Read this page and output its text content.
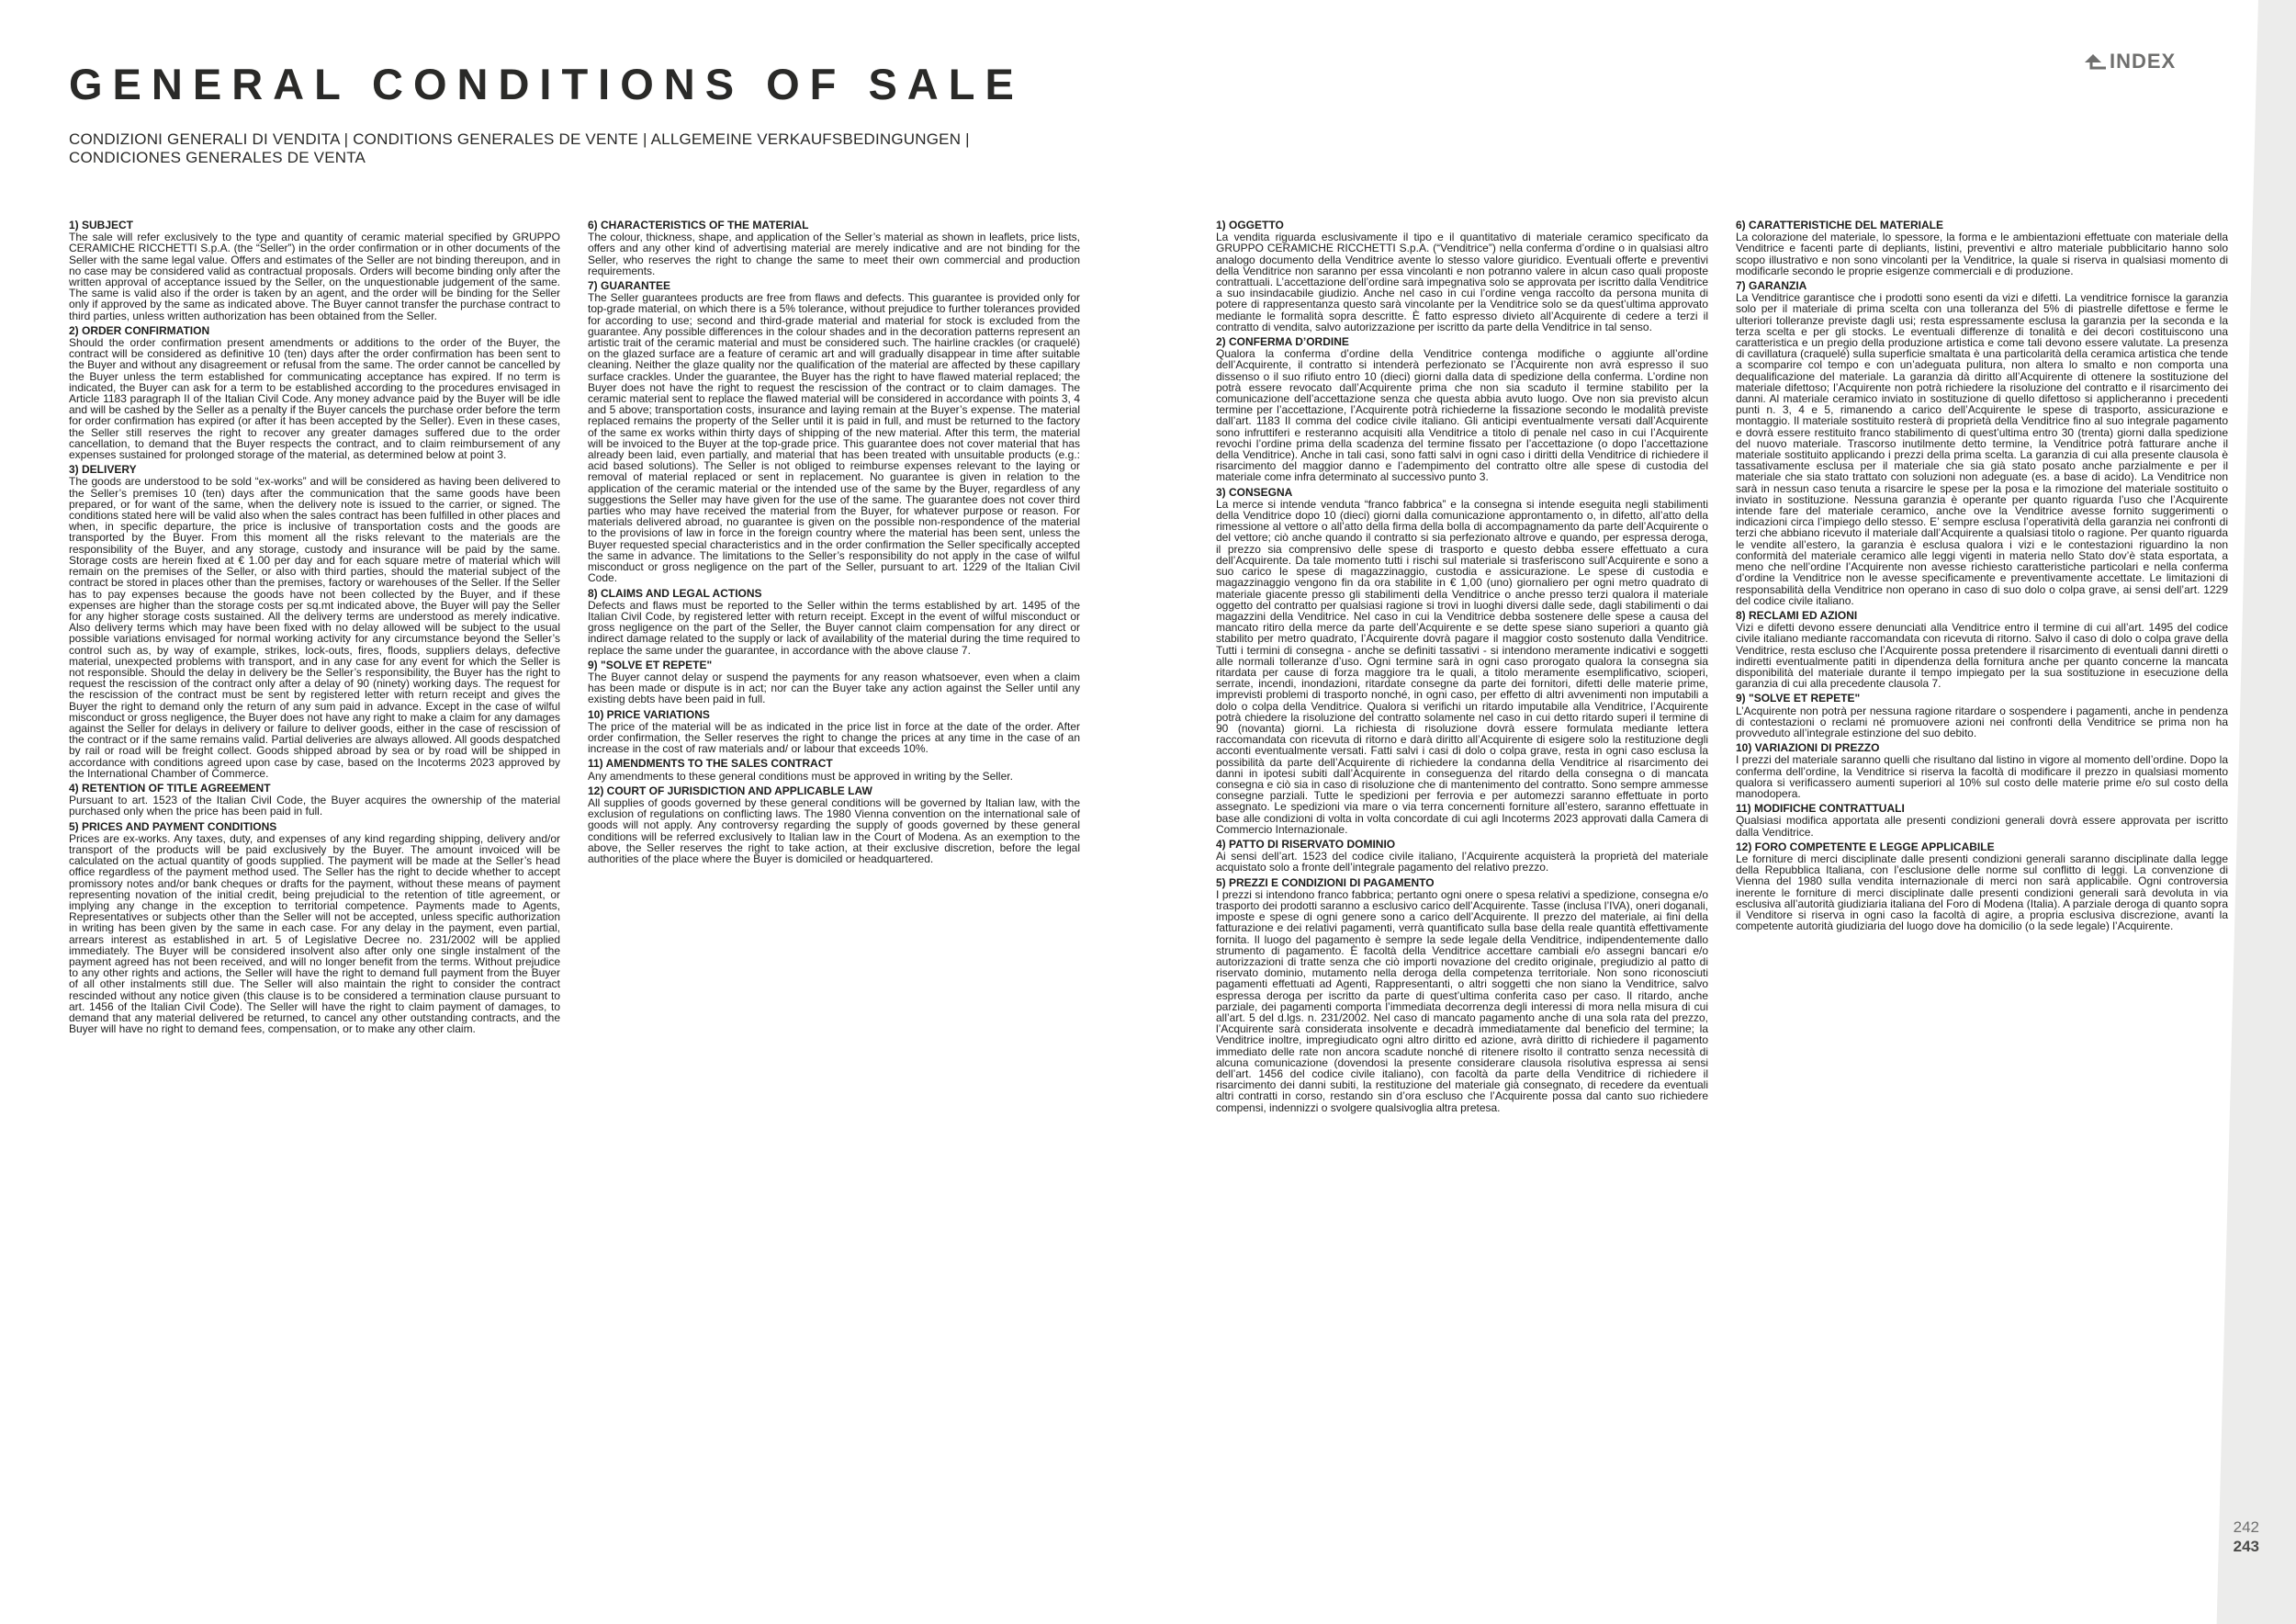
GENERAL CONDITIONS OF SALE
CONDIZIONI GENERALI DI VENDITA | CONDITIONS GENERALES DE VENTE | ALLGEMEINE VERKAUFSBEDINGUNGEN |
CONDICIONES GENERALES DE VENTA
INDEX
1) SUBJECT

The sale will refer exclusively to the type and quantity of ceramic material specified by GRUPPO CERAMICHE RICCHETTI S.p.A. (the “Seller”) in the order confirmation or in other documents of the Seller with the same legal value. Offers and estimates of the Seller are not binding thereupon, and in no case may be considered valid as contractual proposals. Orders will become binding only after the written approval of acceptance issued by the Seller, on the unquestionable judgement of the same. The same is valid also if the order is taken by an agent, and the order will be binding for the Seller only if approved by the same as indicated above. The Buyer cannot transfer the purchase contract to third parties, unless written authorization has been obtained from the Seller.

2) ORDER CONFIRMATION

Should the order confirmation present amendments or additions to the order of the Buyer, the contract will be considered as definitive 10 (ten) days after the order confirmation has been sent to the Buyer and without any disagreement or refusal from the same. The order cannot be cancelled by the Buyer unless the term established for communicating acceptance has expired. If no term is indicated, the Buyer can ask for a term to be established according to the procedures envisaged in Article 1183 paragraph II of the Italian Civil Code. Any money advance paid by the Buyer will be idle and will be cashed by the Seller as a penalty if the Buyer cancels the purchase order before the term for order confirmation has expired (or after it has been accepted by the Seller). Even in these cases, the Seller still reserves the right to recover any greater damages suffered due to the order cancellation, to demand that the Buyer respects the contract, and to claim reimbursement of any expenses sustained for prolonged storage of the material, as determined below at point 3.

3) DELIVERY

The goods are understood to be sold “ex-works” and will be considered as having been delivered to the Seller’s premises 10 (ten) days after the communication that the same goods have been prepared, or for want of the same, when the delivery note is issued to the carrier, or signed. The conditions stated here will be valid also when the sales contract has been fulfilled in other places and when, in specific departure, the price is inclusive of transportation costs and the goods are transported by the Buyer. From this moment all the risks relevant to the materials are the responsibility of the Buyer, and any storage, custody and insurance will be paid by the same. Storage costs are herein fixed at € 1.00 per day and for each square metre of material which will remain on the premises of the Seller, or also with third parties, should the material subject of the contract be stored in places other than the premises, factory or warehouses of the Seller. If the Seller has to pay expenses because the goods have not been collected by the Buyer, and if these expenses are higher than the storage costs per sq.mt indicated above, the Buyer will pay the Seller for any higher storage costs sustained. All the delivery terms are understood as merely indicative. Also delivery terms which may have been fixed with no delay allowed will be subject to the usual possible variations envisaged for normal working activity for any circumstance beyond the Seller’s control such as, by way of example, strikes, lock-outs, fires, floods, suppliers delays, defective material, unexpected problems with transport, and in any case for any event for which the Seller is not responsible. Should the delay in delivery be the Seller’s responsibility, the Buyer has the right to request the rescission of the contract only after a delay of 90 (ninety) working days. The request for the rescission of the contract must be sent by registered letter with return receipt and gives the Buyer the right to demand only the return of any sum paid in advance. Except in the case of wilful misconduct or gross negligence, the Buyer does not have any right to make a claim for any damages against the Seller for delays in delivery or failure to deliver goods, either in the case of rescission of the contract or if the same remains valid. Partial deliveries are always allowed. All goods despatched by rail or road will be freight collect. Goods shipped abroad by sea or by road will be shipped in accordance with conditions agreed upon case by case, based on the Incoterms 2023 approved by the International Chamber of Commerce.

4) RETENTION OF TITLE AGREEMENT

Pursuant to art. 1523 of the Italian Civil Code, the Buyer acquires the ownership of the material purchased only when the price has been paid in full.

5) PRICES AND PAYMENT CONDITIONS

Prices are ex-works. Any taxes, duty, and expenses of any kind regarding shipping, delivery and/or transport of the products will be paid exclusively by the Buyer. The amount invoiced will be calculated on the actual quantity of goods supplied. The payment will be made at the Seller’s head office regardless of the payment method used. The Seller has the right to decide whether to accept promissory notes and/or bank cheques or drafts for the payment, without these means of payment representing novation of the initial credit, being prejudicial to the retention of title agreement, or implying any change in the exception to territorial competence. Payments made to Agents, Representatives or subjects other than the Seller will not be accepted, unless specific authorization in writing has been given by the same in each case. For any delay in the payment, even partial, arrears interest as established in art. 5 of Legislative Decree no. 231/2002 will be applied immediately. The Buyer will be considered insolvent also after only one single instalment of the payment agreed has not been received, and will no longer benefit from the terms. Without prejudice to any other rights and actions, the Seller will have the right to demand full payment from the Buyer of all other instalments still due. The Seller will also maintain the right to consider the contract rescinded without any notice given (this clause is to be considered a termination clause pursuant to art. 1456 of the Italian Civil Code). The Seller will have the right to claim payment of damages, to demand that any material delivered be returned, to cancel any other outstanding contracts, and the Buyer will have no right to demand fees, compensation, or to make any other claim.

6) CHARACTERISTICS OF THE MATERIAL

The colour, thickness, shape, and application of the Seller’s material as shown in leaflets, price lists, offers and any other kind of advertising material are merely indicative and are not binding for the Seller, who reserves the right to change the same to meet their own commercial and production requirements.

7) GUARANTEE

The Seller guarantees products are free from flaws and defects. This guarantee is provided only for top-grade material, on which there is a 5% tolerance, without prejudice to further tolerances provided for according to use; second and third-grade material and material for stock is excluded from the guarantee. Any possible differences in the colour shades and in the decoration patterns represent an artistic trait of the ceramic material and must be considered such. The hairline crackles (or craquelé) on the glazed surface are a feature of ceramic art and will gradually disappear in time after suitable cleaning. Neither the glaze quality nor the qualification of the material are affected by these capillary surface crackles. Under the guarantee, the Buyer has the right to have flawed material replaced; the Buyer does not have the right to request the rescission of the contract or to claim damages. The ceramic material sent to replace the flawed material will be considered in accordance with points 3, 4 and 5 above; transportation costs, insurance and laying remain at the Buyer’s expense. The material replaced remains the property of the Seller until it is paid in full, and must be returned to the factory of the same ex works within thirty days of shipping of the new material. After this term, the material will be invoiced to the Buyer at the top-grade price. This guarantee does not cover material that has already been laid, even partially, and material that has been treated with unsuitable products (e.g.: acid based solutions). The Seller is not obliged to reimburse expenses relevant to the laying or removal of material replaced or sent in replacement. No guarantee is given in relation to the application of the ceramic material or the intended use of the same by the Buyer, regardless of any suggestions the Seller may have given for the use of the same. The guarantee does not cover third parties who may have received the material from the Buyer, for whatever purpose or reason. For materials delivered abroad, no guarantee is given on the possible non-respondence of the material to the provisions of law in force in the foreign country where the material has been sent, unless the Buyer requested special characteristics and in the order confirmation the Seller specifically accepted the same in advance. The limitations to the Seller’s responsibility do not apply in the case of wilful misconduct or gross negligence on the part of the Seller, pursuant to art. 1229 of the Italian Civil Code.

8) CLAIMS AND LEGAL ACTIONS

Defects and flaws must be reported to the Seller within the terms established by art. 1495 of the Italian Civil Code, by registered letter with return receipt. Except in the event of wilful misconduct or gross negligence on the part of the Seller, the Buyer cannot claim compensation for any direct or indirect damage related to the supply or lack of availability of the material during the time required to replace the same under the guarantee, in accordance with the above clause 7.

9) "SOLVE ET REPETE"

The Buyer cannot delay or suspend the payments for any reason whatsoever, even when a claim has been made or dispute is in act; nor can the Buyer take any action against the Seller until any existing debts have been paid in full.

10) PRICE VARIATIONS

The price of the material will be as indicated in the price list in force at the date of the order. After order confirmation, the Seller reserves the right to change the prices at any time in the case of an increase in the cost of raw materials and/ or labour that exceeds 10%.

11) AMENDMENTS TO THE SALES CONTRACT

Any amendments to these general conditions must be approved in writing by the Seller.

12) COURT OF JURISDICTION AND APPLICABLE LAW

All supplies of goods governed by these general conditions will be governed by Italian law, with the exclusion of regulations on conflicting laws. The 1980 Vienna convention on the international sale of goods will not apply. Any controversy regarding the supply of goods governed by these general conditions will be referred exclusively to Italian law in the Court of Modena. As an exemption to the above, the Seller reserves the right to take action, at their exclusive discretion, before the legal authorities of the place where the Buyer is domiciled or headquartered.

1) OGGETTO

La vendita riguarda esclusivamente il tipo e il quantitativo di materiale ceramico specificato da GRUPPO CERAMICHE RICCHETTI S.p.A. (“Venditrice”) nella conferma d’ordine o in qualsiasi altro analogo documento della Venditrice avente lo stesso valore giuridico. Eventuali offerte e preventivi della Venditrice non saranno per essa vincolanti e non potranno valere in alcun caso quali proposte contrattuali. L’accettazione dell’ordine sarà impegnativa solo se approvata per iscritto dalla Venditrice a suo insindacabile giudizio. Anche nel caso in cui l’ordine venga raccolto da persona munita di potere di rappresentanza questo sarà vincolante per la Venditrice solo se da quest’ultima approvato mediante le formalità sopra descritte. È fatto espresso divieto all’Acquirente di cedere a terzi il contratto di vendita, salvo autorizzazione per iscritto da parte della Venditrice in tal senso.

2) CONFERMA D’ORDINE

Qualora la conferma d’ordine della Venditrice contenga modifiche o aggiunte all’ordine dell’Acquirente, il contratto si intenderà perfezionato se l’Acquirente non avrà espresso il suo dissenso o il suo rifiuto entro 10 (dieci) giorni dalla data di spedizione della conferma. L’ordine non potrà essere revocato dall’Acquirente prima che non sia scaduto il termine stabilito per la comunicazione dell’accettazione senza che questa abbia avuto luogo. Ove non sia previsto alcun termine per l’accettazione, l’Acquirente potrà richiederne la fissazione secondo le modalità previste dall’art. 1183 II comma del codice civile italiano. Gli anticipi eventualmente versati dall’Acquirente sono infruttiferi e resteranno acquisiti alla Venditrice a titolo di penale nel caso in cui l’Acquirente revochi l’ordine prima della scadenza del termine fissato per l’accettazione (o dopo l’accettazione della Venditrice). Anche in tali casi, sono fatti salvi in ogni caso i diritti della Venditrice di richiedere il risarcimento del maggior danno e l’adempimento del contratto oltre alle spese di custodia del materiale come infra determinato al successivo punto 3.

3) CONSEGNA

La merce si intende venduta “franco fabbrica” e la consegna si intende eseguita negli stabilimenti della Venditrice dopo 10 (dieci) giorni dalla comunicazione approntamento o, in difetto, all’atto della rimessione al vettore o all’atto della firma della bolla di accompagnamento da parte dell’Acquirente o del vettore; ciò anche quando il contratto si sia perfezionato altrove e quando, per espressa deroga, il prezzo sia comprensivo delle spese di trasporto e questo debba essere effettuato a cura dell’Acquirente. Da tale momento tutti i rischi sul materiale si trasferiscono sull’Acquirente e sono a suo carico le spese di magazzinaggio, custodia e assicurazione. Le spese di custodia e magazzinaggio vengono fin da ora stabilite in € 1,00 (uno) giornaliero per ogni metro quadrato di materiale giacente presso gli stabilimenti della Venditrice o anche presso terzi qualora il materiale oggetto del contratto per qualsiasi ragione si trovi in luoghi diversi dalle sede, dagli stabilimenti o dai magazzini della Venditrice. Nel caso in cui la Venditrice debba sostenere delle spese a causa del mancato ritiro della merce da parte dell’Acquirente e se dette spese siano superiori a quanto già stabilito per metro quadrato, l’Acquirente dovrà pagare il maggior costo sostenuto dalla Venditrice. Tutti i termini di consegna - anche se definiti tassativi - si intendono meramente indicativi e soggetti alle normali tolleranze d’uso. Ogni termine sarà in ogni caso prorogato qualora la consegna sia ritardata per cause di forza maggiore tra le quali, a titolo meramente esemplificativo, scioperi, serrate, incendi, inondazioni, ritardate consegne da parte dei fornitori, difetti delle materie prime, imprevisti problemi di trasporto nonché, in ogni caso, per effetto di altri avvenimenti non imputabili a dolo o colpa della Venditrice. Qualora si verifichi un ritardo imputabile alla Venditrice, l’Acquirente potrà chiedere la risoluzione del contratto solamente nel caso in cui detto ritardo superi il termine di 90 (novanta) giorni. La richiesta di risoluzione dovrà essere formulata mediante lettera raccomandata con ricevuta di ritorno e darà diritto all’Acquirente di esigere solo la restituzione degli acconti eventualmente versati. Fatti salvi i casi di dolo o colpa grave, resta in ogni caso esclusa la possibilità da parte dell’Acquirente di richiedere la condanna della Venditrice al risarcimento dei danni in ipotesi subiti dall’Acquirente in conseguenza del ritardo della consegna o di mancata consegna e ciò sia in caso di risoluzione che di mantenimento del contratto. Sono sempre ammesse consegne parziali. Tutte le spedizioni per ferrovia e per automezzi saranno effettuate in porto assegnato. Le spedizioni via mare o via terra concernenti forniture all’estero, saranno effettuate in base alle condizioni di volta in volta concordate di cui agli Incoterms 2023 approvati dalla Camera di Commercio Internazionale.

4) PATTO DI RISERVATO DOMINIO

Ai sensi dell’art. 1523 del codice civile italiano, l’Acquirente acquisterà la proprietà del materiale acquistato solo a fronte dell’integrale pagamento del relativo prezzo.

5) PREZZI E CONDIZIONI DI PAGAMENTO

I prezzi si intendono franco fabbrica; pertanto ogni onere o spesa relativi a spedizione, consegna e/o trasporto dei prodotti saranno a esclusivo carico dell’Acquirente. Tasse (inclusa l’IVA), oneri doganali, imposte e spese di ogni genere sono a carico dell’Acquirente. Il prezzo del materiale, ai fini della fatturazione e dei relativi pagamenti, verrà quantificato sulla base della reale quantità effettivamente fornita. Il luogo del pagamento è sempre la sede legale della Venditrice, indipendentemente dallo strumento di pagamento. È facoltà della Venditrice accettare cambiali e/o assegni bancari e/o autorizzazioni di tratte senza che ciò importi novazione del credito originale, pregiudizio al patto di riservato dominio, mutamento nella deroga della competenza territoriale. Non sono riconosciuti pagamenti effettuati ad Agenti, Rappresentanti, o altri soggetti che non siano la Venditrice, salvo espressa deroga per iscritto da parte di quest’ultima conferita caso per caso. Il ritardo, anche parziale, dei pagamenti comporta l’immediata decorrenza degli interessi di mora nella misura di cui all’art. 5 del d.lgs. n. 231/2002. Nel caso di mancato pagamento anche di una sola rata del prezzo, l’Acquirente sarà considerata insolvente e decadrà immediatamente dal beneficio del termine; la Venditrice inoltre, impregiudicato ogni altro diritto ed azione, avrà diritto di richiedere il pagamento immediato delle rate non ancora scadute nonché di ritenere risolto il contratto senza necessità di alcuna comunicazione (dovendosi la presente considerare clausola risolutiva espressa ai sensi dell’art. 1456 del codice civile italiano), con facoltà da parte della Venditrice di richiedere il risarcimento dei danni subiti, la restituzione del materiale già consegnato, di recedere da eventuali altri contratti in corso, restando sin d’ora escluso che l’Acquirente possa dal canto suo richiedere compensi, indennizzi o svolgere qualsivoglia altra pretesa.

6) CARATTERISTICHE DEL MATERIALE

La colorazione del materiale, lo spessore, la forma e le ambientazioni effettuate con materiale della Venditrice e facenti parte di depliants, listini, preventivi e altro materiale pubblicitario hanno solo scopo illustrativo e non sono vincolanti per la Venditrice, la quale si riserva in qualsiasi momento di modificarle secondo le proprie esigenze commerciali e di produzione.

7) GARANZIA

La Venditrice garantisce che i prodotti sono esenti da vizi e difetti. La venditrice fornisce la garanzia solo per il materiale di prima scelta con una tolleranza del 5% di piastrelle difettose e ferme le ulteriori tolleranze previste dagli usi; resta espressamente esclusa la garanzia per la seconda e la terza scelta e per gli stocks. Le eventuali differenze di tonalità e dei decori costituiscono una caratteristica e un pregio della produzione artistica e come tali devono essere valutate. La presenza di cavillatura (craquelé) sulla superficie smaltata è una particolarità della ceramica artistica che tende a scomparire col tempo e con un’adeguata pulitura, non altera lo smalto e non comporta una dequalificazione del materiale. La garanzia dà diritto all’Acquirente di ottenere la sostituzione del materiale difettoso; l’Acquirente non potrà richiedere la risoluzione del contratto e il risarcimento dei danni. Al materiale ceramico inviato in sostituzione di quello difettoso si applicheranno i precedenti punti n. 3, 4 e 5, rimanendo a carico dell’Acquirente le spese di trasporto, assicurazione e montaggio. Il materiale sostituito resterà di proprietà della Venditrice fino al suo integrale pagamento e dovrà essere restituito franco stabilimento di quest’ultima entro 30 (trenta) giorni dalla spedizione del nuovo materiale. Trascorso inutilmente detto termine, la Venditrice potrà fatturare anche il materiale sostituito applicando i prezzi della prima scelta. La garanzia di cui alla presente clausola è tassativamente esclusa per il materiale che sia già stato posato anche parzialmente e per il materiale che sia stato trattato con soluzioni non adeguate (es. a base di acido). La Venditrice non sarà in nessun caso tenuta a risarcire le spese per la posa e la rimozione del materiale sostituito o inviato in sostituzione. Nessuna garanzia è operante per quanto riguarda l’uso che l’Acquirente intende fare del materiale ceramico, anche ove la Venditrice avesse fornito suggerimenti o indicazioni circa l’impiego dello stesso. E’ sempre esclusa l’operatività della garanzia nei confronti di terzi che abbiano ricevuto il materiale dall’Acquirente a qualsiasi titolo o ragione. Per quanto riguarda le vendite all’estero, la garanzia è esclusa qualora i vizi e le contestazioni riguardino la non conformità del materiale ceramico alle leggi vigenti in materia nello Stato dov’è stata esportata, a meno che nell’ordine l’Acquirente non avesse richiesto caratteristiche particolari e nella conferma d’ordine la Venditrice non le avesse specificamente e preventivamente accettate. Le limitazioni di responsabilità della Venditrice non operano in caso di suo dolo o colpa grave, ai sensi dell’art. 1229 del codice civile italiano.

8) RECLAMI ED AZIONI

Vizi e difetti devono essere denunciati alla Venditrice entro il termine di cui all’art. 1495 del codice civile italiano mediante raccomandata con ricevuta di ritorno. Salvo il caso di dolo o colpa grave della Venditrice, resta escluso che l’Acquirente possa pretendere il risarcimento di eventuali danni diretti o indiretti eventualmente patiti in dipendenza della fornitura anche per quanto concerne la mancata disponibilità del materiale durante il tempo impiegato per la sua sostituzione in esecuzione della garanzia di cui alla precedente clausola 7.

9) "SOLVE ET REPETE"

L’Acquirente non potrà per nessuna ragione ritardare o sospendere i pagamenti, anche in pendenza di contestazioni o reclami né promuovere azioni nei confronti della Venditrice se prima non ha provveduto all’integrale estinzione del suo debito.

10) VARIAZIONI DI PREZZO

I prezzi del materiale saranno quelli che risultano dal listino in vigore al momento dell’ordine. Dopo la conferma dell’ordine, la Venditrice si riserva la facoltà di modificare il prezzo in qualsiasi momento qualora si verificassero aumenti superiori al 10% sul costo delle materie prime e/o sul costo della manodopera.

11) MODIFICHE CONTRATTUALI

Qualsiasi modifica apportata alle presenti condizioni generali dovrà essere approvata per iscritto dalla Venditrice.

12) FORO COMPETENTE E LEGGE APPLICABILE

Le forniture di merci disciplinate dalle presenti condizioni generali saranno disciplinate dalla legge della Repubblica Italiana, con l’esclusione delle norme sul conflitto di leggi. La convenzione di Vienna del 1980 sulla vendita internazionale di merci non sarà applicabile. Ogni controversia inerente le forniture di merci disciplinate dalle presenti condizioni generali sarà devoluta in via esclusiva all’autorità giudiziaria italiana del Foro di Modena (Italia). A parziale deroga di quanto sopra il Venditore si riserva in ogni caso la facoltà di agire, a propria esclusiva discrezione, avanti la competente autorità giudiziaria del luogo dove ha domicilio (o la sede legale) l’Acquirente.

242
243
